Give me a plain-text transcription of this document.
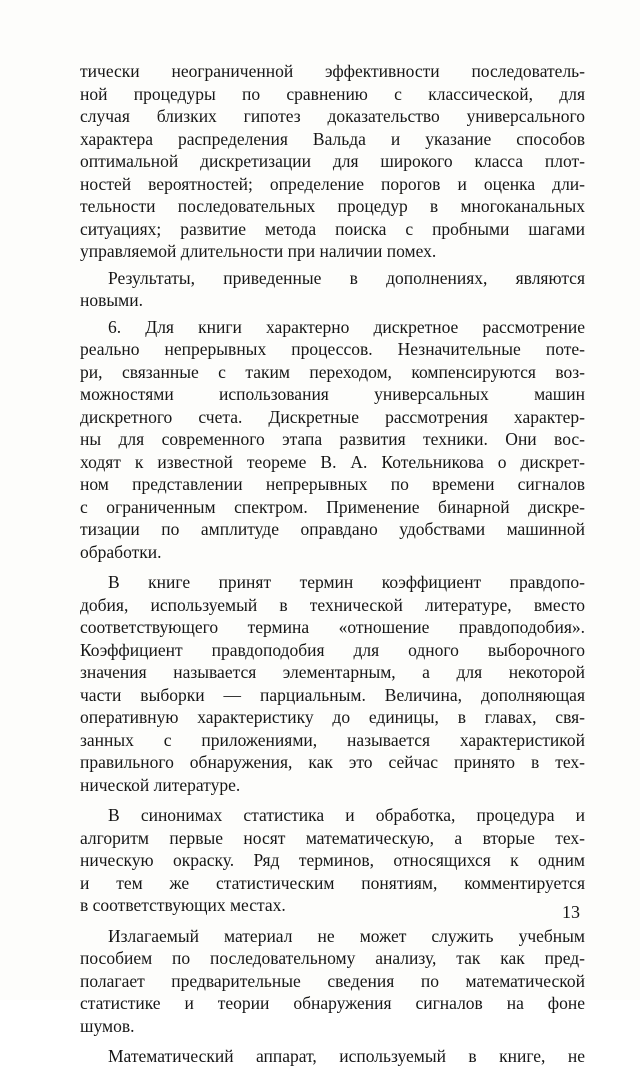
тически неограниченной эффективности последователь-
ной процедуры по сравнению с классической, для
случая близких гипотез доказательство универсального
характера распределения Вальда и указание способов
оптимальной дискретизации для широкого класса плот-
ностей вероятностей; определение порогов и оценка дли-
тельности последовательных процедур в многоканальных
ситуациях; развитие метода поиска с пробными шагами
управляемой длительности при наличии помех.

Результаты, приведенные в дополнениях, являются
новыми.

6. Для книги характерно дискретное рассмотрение
реально непрерывных процессов. Незначительные поте-
ри, связанные с таким переходом, компенсируются воз-
можностями использования универсальных машин
дискретного счета. Дискретные рассмотрения характер-
ны для современного этапа развития техники. Они вос-
ходят к известной теореме В. А. Котельникова о дискрет-
ном представлении непрерывных по времени сигналов
с ограниченным спектром. Применение бинарной дискре-
тизации по амплитуде оправдано удобствами машинной
обработки.

В книге принят термин коэффициент правдопо-
добия, используемый в технической литературе, вместо
соответствующего термина «отношение правдоподобия».
Коэффициент правдоподобия для одного выборочного
значения называется элементарным, а для некоторой
части выборки — парциальным. Величина, дополняющая
оперативную характеристику до единицы, в главах, свя-
занных с приложениями, называется характеристикой
правильного обнаружения, как это сейчас принято в тех-
нической литературе.

В синонимах статистика и обработка, процедура и
алгоритм первые носят математическую, а вторые тех-
ническую окраску. Ряд терминов, относящихся к одним
и тем же статистическим понятиям, комментируется
в соответствующих местах.

Излагаемый материал не может служить учебным
пособием по последовательному анализу, так как пред-
полагает предварительные сведения по математической
статистике и теории обнаружения сигналов на фоне
шумов.

Математический аппарат, используемый в книге, не

13
